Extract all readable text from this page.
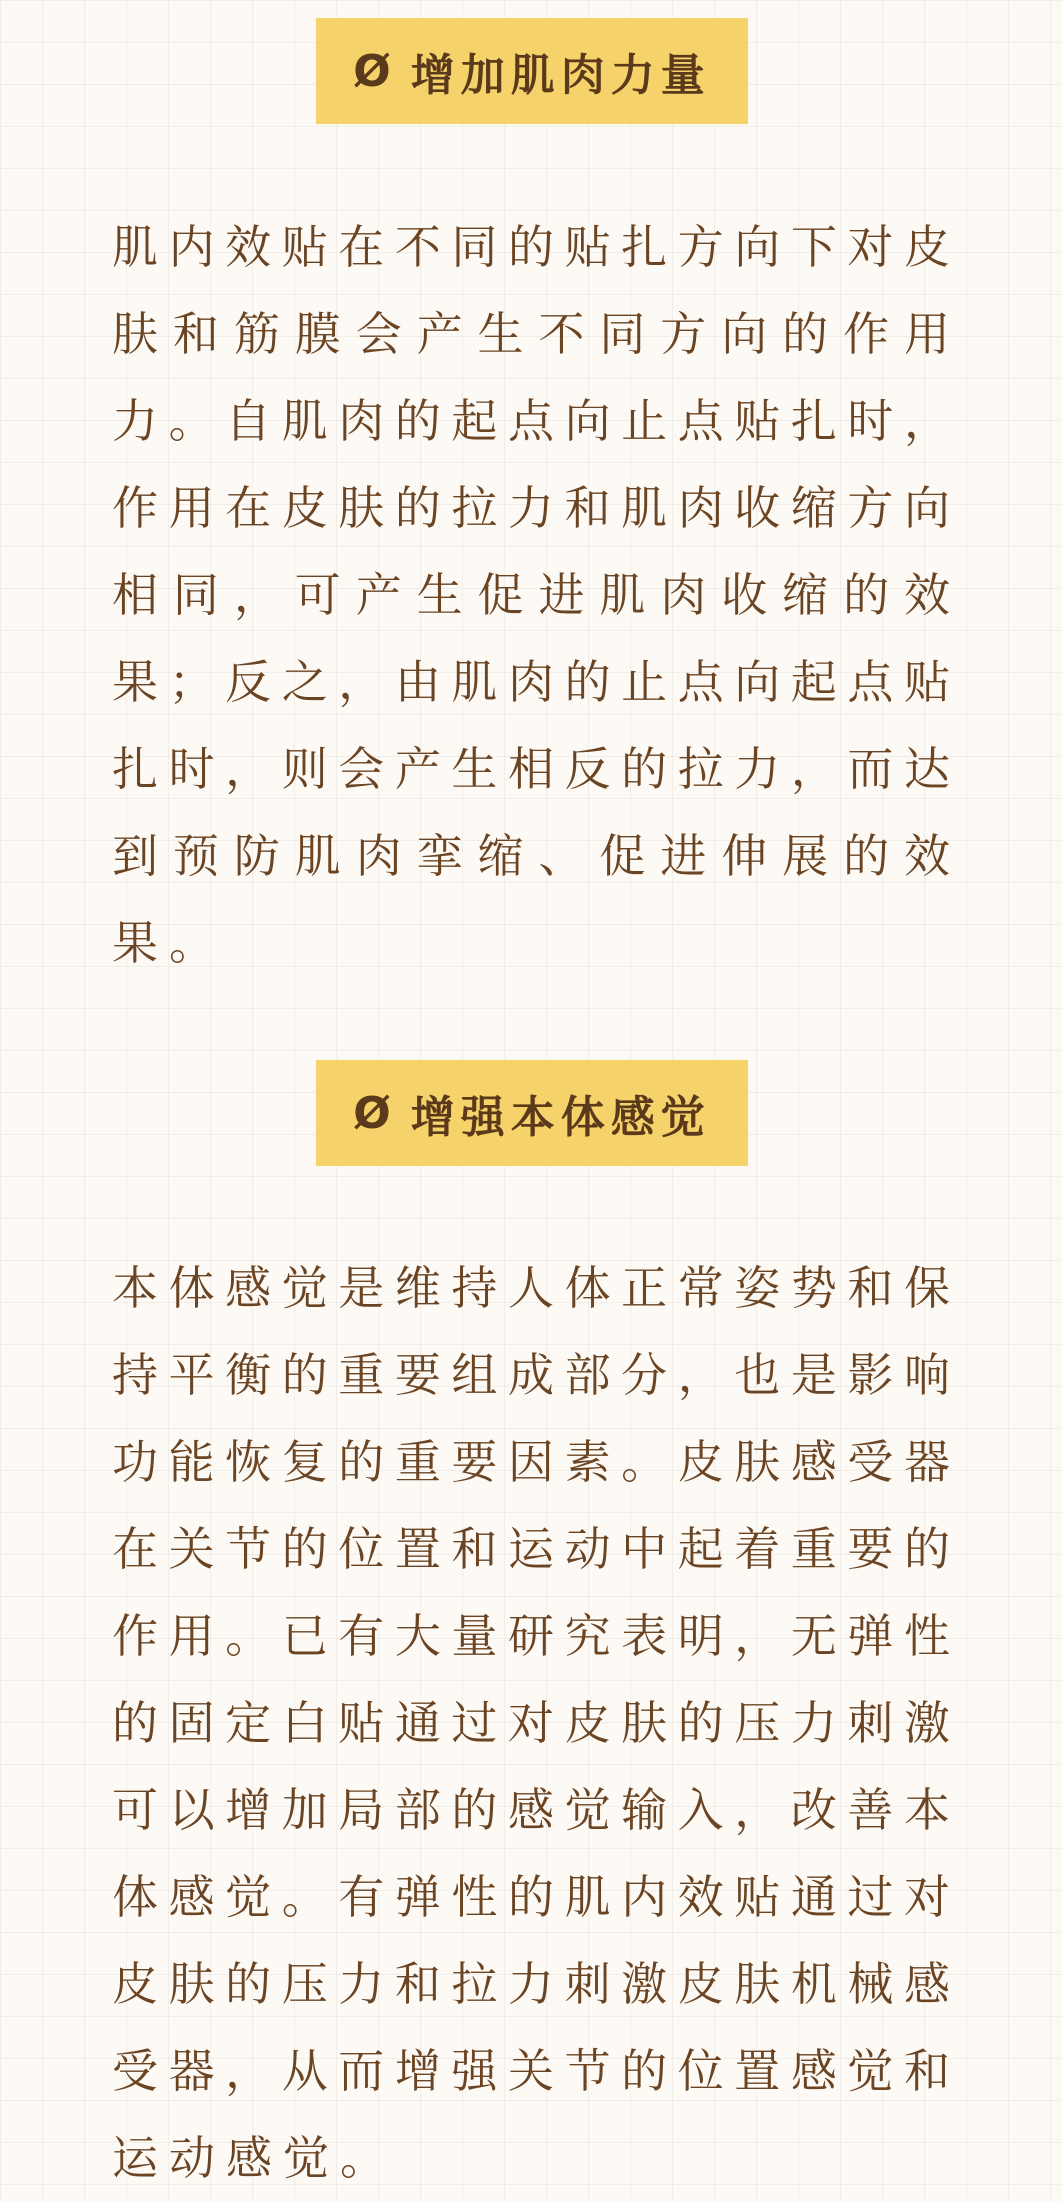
Ø 增加肌肉力量
肌内效贴在不同的贴扎方向下对皮
肤和筋膜会产生不同方向的作用
力。自肌肉的起点向止点贴扎时，
作用在皮肤的拉力和肌肉收缩方向
相同，可产生促进肌肉收缩的效
果；反之，由肌肉的止点向起点贴
扎时，则会产生相反的拉力，而达
到预防肌肉挛缩、促进伸展的效
果。
Ø 增强本体感觉
本体感觉是维持人体正常姿势和保
持平衡的重要组成部分，也是影响
功能恢复的重要因素。皮肤感受器
在关节的位置和运动中起着重要的
作用。已有大量研究表明，无弹性
的固定白贴通过对皮肤的压力刺激
可以增加局部的感觉输入，改善本
体感觉。有弹性的肌内效贴通过对
皮肤的压力和拉力刺激皮肤机械感
受器，从而增强关节的位置感觉和
运动感觉。
